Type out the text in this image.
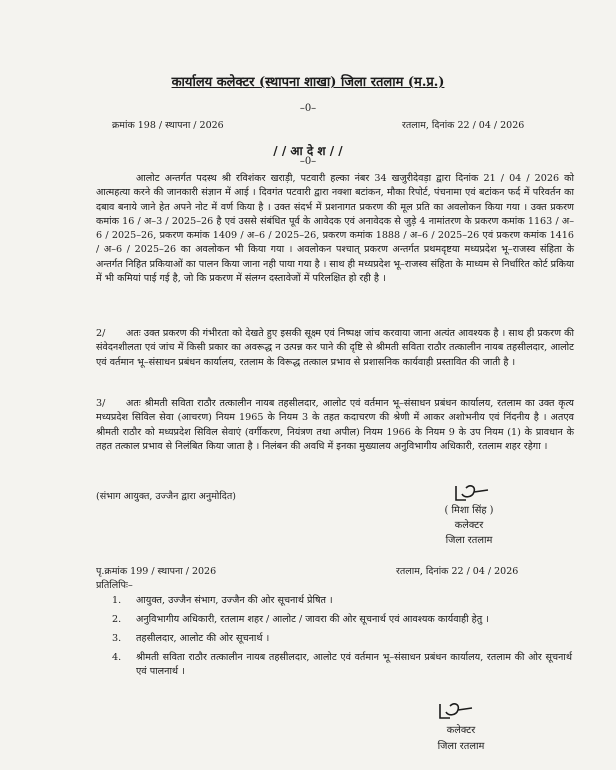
कार्यालय कलेक्टर (स्थापना शाखा) जिला रतलाम (म.प्र.)
–0–
क्रमांक 198 / स्थापना / 2026	रतलाम, दिनांक 22 / 04 / 2026
/ / आ दे श / /
–0–
आलोट अन्तर्गत पदस्थ श्री रविशंकर खराड़ी, पटवारी हल्का नंबर 34 खजुरीदेवड़ा द्वारा दिनांक 21 / 04 / 2026 को आत्महत्या करने की जानकारी संज्ञान में आई । दिवगंत पटवारी द्वारा नक्शा बटांकन, मौका रिपोर्ट, पंचनामा एवं बटांकन फर्द में परिवर्तन का दबाव बनाये जाने हेत अपने नोट में वर्ण किया है । उक्त संदर्भ में प्रशनागत प्रकरण की मूल प्रति का अवलोकन किया गया । उक्त प्रकरण कमांक 16 / अ–3 / 2025–26 है एवं उससे संबंधित पूर्व के आवेदक एवं अनावेदक से जुड़े 4 नामांतरण के प्रकरण कमांक 1163 / अ–6 / 2025–26, प्रकरण कमांक 1409 / अ–6 / 2025–26, प्रकरण कमांक 1888 / अ–6 / 2025–26 एवं प्रकरण कमांक 1416 / अ–6 / 2025–26 का अवलोकन भी किया गया । अवलोकन पश्चात् प्रकरण अन्तर्गत प्रथमदृष्टया मध्यप्रदेश भू–राजस्व संहिता के अन्तर्गत निहित प्रकियाओं का पालन किया जाना नही पाया गया है । साथ ही मध्यप्रदेश भू–राजस्व संहिता के माध्यम से निर्धारित कोर्ट प्रकिया में भी कमियां पाई गई है, जो कि प्रकरण में संलग्न दस्तावेजों में परिलक्षित हो रही है ।
2/ अतः उक्त प्रकरण की गंभीरता को देखते हुए इसकी सूक्ष्म एवं निष्पक्ष जांच करवाया जाना अत्यंत आवश्यक है । साथ ही प्रकरण की संवेदनशीलता एवं जांच में किसी प्रकार का अवरूद्ध न उत्पन्न कर पाने की दृष्टि से श्रीमती सविता राठौर तत्कालीन नायब तहसीलदार, आलोट एवं वर्तमान भू–संसाधन प्रबंधन कार्यालय, रतलाम के विरूद्ध तत्काल प्रभाव से प्रशासनिक कार्यवाही प्रस्तावित की जाती है ।
3/ अतः श्रीमती सविता राठौर तत्कालीन नायब तहसीलदार, आलोट एवं वर्तमान भू–संसाधन प्रबंधन कार्यालय, रतलाम का उक्त कृत्य मध्यप्रदेश सिविल सेवा (आचरण) नियम 1965 के नियम 3 के तहत कदाचरण की श्रेणी में आकर अशोभनीय एवं निंदनीय है । अतएव श्रीमती राठौर को मध्यप्रदेश सिविल सेवाएं (वर्गीकरण, नियंत्रण तथा अपील) नियम 1966 के नियम 9 के उप नियम (1) के प्रावधान के तहत तत्काल प्रभाव से निलंबित किया जाता है । निलंबन की अवधि में इनका मुख्यालय अनुविभागीय अधिकारी, रतलाम शहर रहेगा ।
(संभाग आयुक्त, उज्जैन द्वारा अनुमोदित)
( मिशा सिंह )
कलेक्टर
जिला रतलाम
पृ.क्रमांक 199 / स्थापना / 2026	रतलाम, दिनांक 22 / 04 / 2026
प्रतिलिपिः–
1. आयुक्त, उज्जैन संभाग, उज्जैन की ओर सूचनार्थ प्रेषित ।
2. अनुविभागीय अधिकारी, रतलाम शहर / आलोट / जावरा की ओर सूचनार्थ एवं आवश्यक कार्यवाही हेतु ।
3. तहसीलदार, आलोट की ओर सूचनार्थ ।
4. श्रीमती सविता राठौर तत्कालीन नायब तहसीलदार, आलोट एवं वर्तमान भू–संसाधन प्रबंधन कार्यालय, रतलाम की ओर सूचनार्थ एवं पालनार्थ ।
कलेक्टर
जिला रतलाम
